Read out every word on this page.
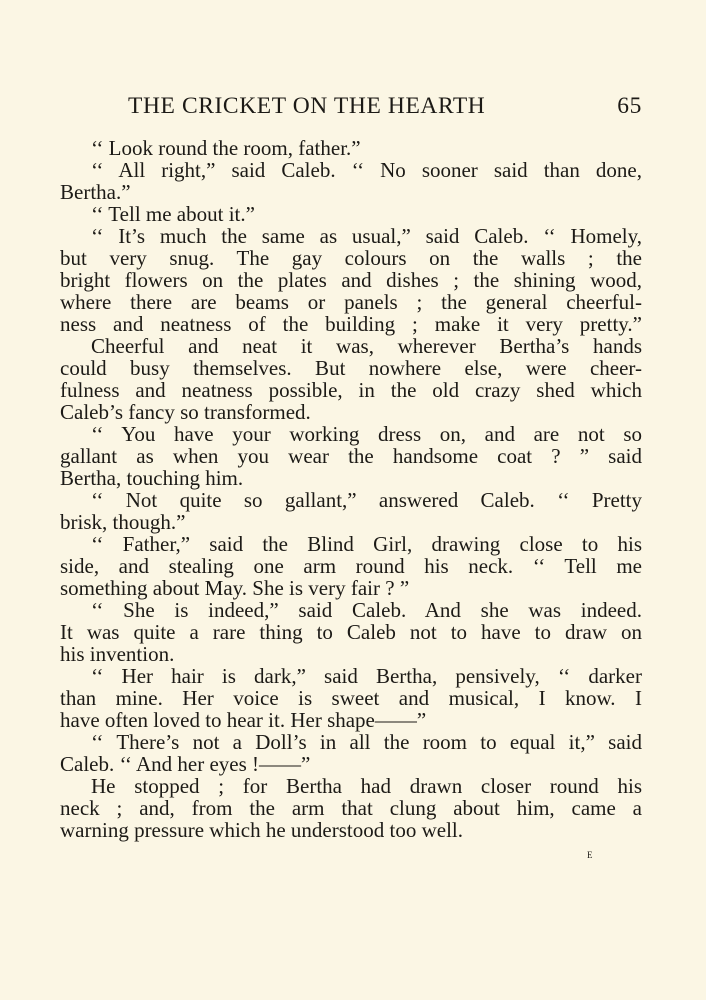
THE CRICKET ON THE HEARTH	65
‘‘ Look round the room, father.”
‘‘ All right,” said Caleb. ‘‘ No sooner said than done,
Bertha.”
‘‘ Tell me about it.”
‘‘ It’s much the same as usual,” said Caleb. ‘‘ Homely,
but very snug. The gay colours on the walls ; the
bright flowers on the plates and dishes ; the shining wood,
where there are beams or panels ; the general cheerful-
ness and neatness of the building ; make it very pretty.”
Cheerful and neat it was, wherever Bertha’s hands
could busy themselves. But nowhere else, were cheer-
fulness and neatness possible, in the old crazy shed which
Caleb’s fancy so transformed.
‘‘ You have your working dress on, and are not so
gallant as when you wear the handsome coat ? ” said
Bertha, touching him.
‘‘ Not quite so gallant,” answered Caleb. ‘‘ Pretty
brisk, though.”
‘‘ Father,” said the Blind Girl, drawing close to his
side, and stealing one arm round his neck. ‘‘ Tell me
something about May. She is very fair ? ”
‘‘ She is indeed,” said Caleb. And she was indeed.
It was quite a rare thing to Caleb not to have to draw on
his invention.
‘‘ Her hair is dark,” said Bertha, pensively, ‘‘ darker
than mine. Her voice is sweet and musical, I know. I
have often loved to hear it. Her shape——”
‘‘ There’s not a Doll’s in all the room to equal it,” said
Caleb. ‘‘ And her eyes !——”
He stopped ; for Bertha had drawn closer round his
neck ; and, from the arm that clung about him, came a
warning pressure which he understood too well.
E
